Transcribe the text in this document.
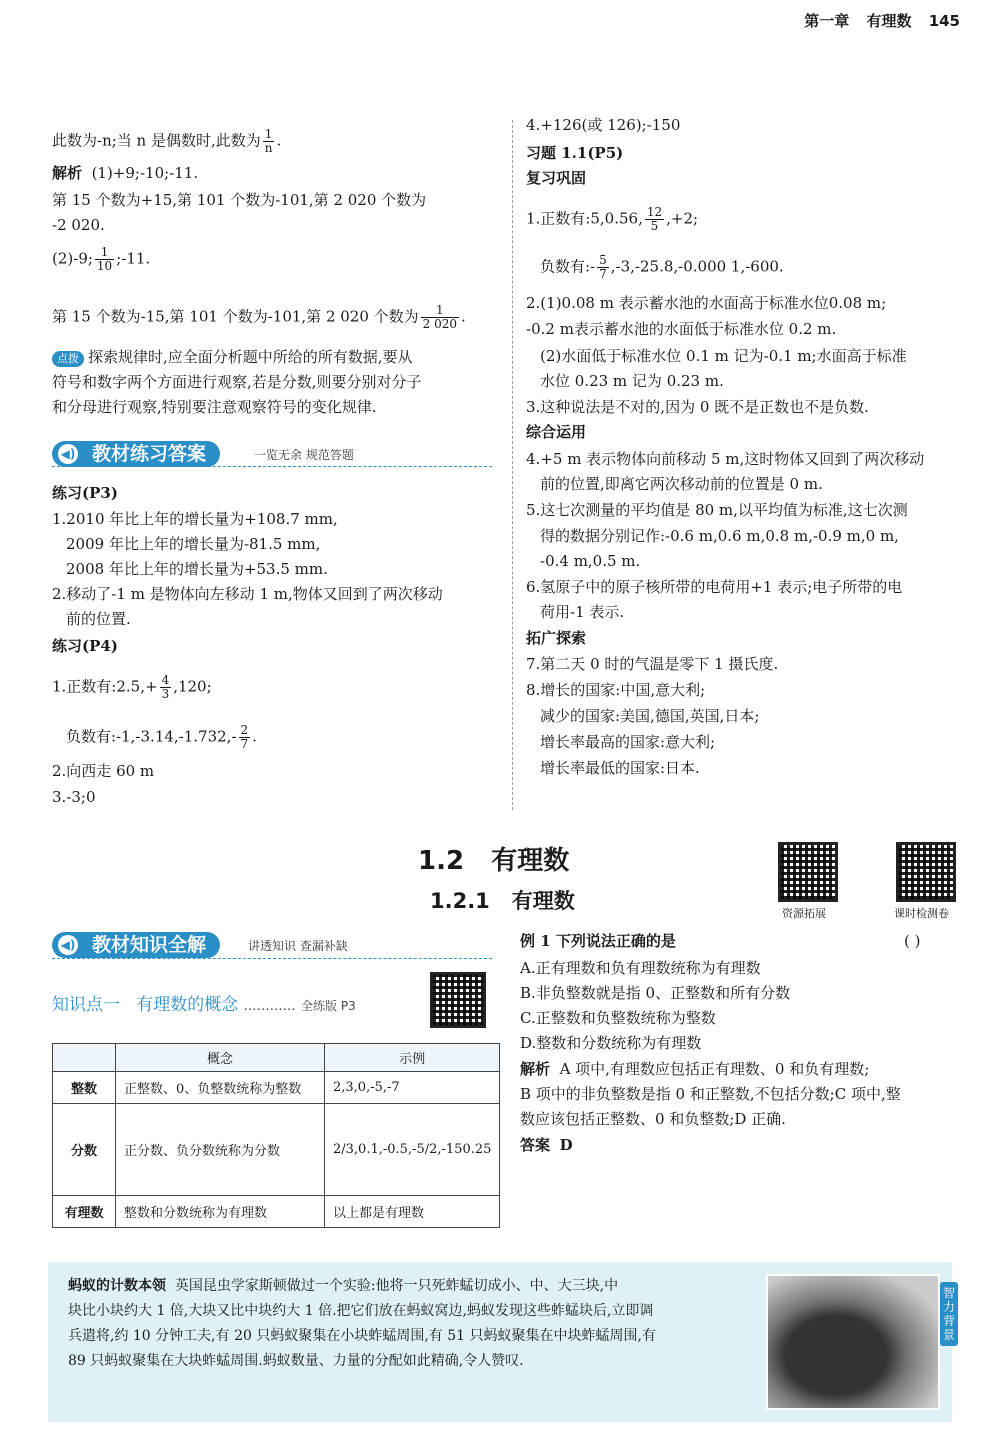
第一章 有理数 145
此数为-n;当 n 是偶数时,此数为 $\frac{1}{n}$ .
解析 (1)+9;-10;-11.
第 15 个数为+15,第 101 个数为-101,第 2 020 个数为
-2 020.
(2)-9; $\frac{1}{10}$ ;-11.
第 15 个数为-15,第 101 个数为-101,第 2 020 个数为 $\frac{1}{2 020}$ .
点拨 探索规律时,应全面分析题中所给的所有数据,要从
符号和数字两个方面进行观察,若是分数,则要分别对分子
和分母进行观察,特别要注意观察符号的变化规律.
◀) 教材练习答案	一览无余 规范答题
练习(P3)
1.2010 年比上年的增长量为+108.7 mm,
2009 年比上年的增长量为-81.5 mm,
2008 年比上年的增长量为+53.5 mm.
2.移动了-1 m 是物体向左移动 1 m,物体又回到了两次移动
前的位置.
练习(P4)
1.正数有:2.5,+ $\frac{4}{3} ,120$;
负数有:-1,-3.14,-1.732,- $\frac{2}{7}$ .
2.向西走 60 m
3.-3;0
4.+126(或 126);-150
习题 1.1(P5)
复习巩固
1.正数有:5,0.56, $\frac{12}{5} ,+2$;
负数有:- $\frac{5}{7} ,-3,-25.8,-0.000$ 1,-600.
2.(1)0.08 m 表示蓄水池的水面高于标准水位0.08 m;
-0.2 m表示蓄水池的水面低于标准水位 0.2 m.
(2)水面低于标准水位 0.1 m 记为-0.1 m;水面高于标准
水位 0.23 m 记为 0.23 m.
3.这种说法是不对的,因为 0 既不是正数也不是负数.
综合运用
4.+5 m 表示物体向前移动 5 m,这时物体又回到了两次移动
前的位置,即离它两次移动前的位置是 0 m.
5.这七次测量的平均值是 80 m,以平均值为标准,这七次测
得的数据分别记作:-0.6 m,0.6 m,0.8 m,-0.9 m,0 m,
-0.4 m,0.5 m.
6.氢原子中的原子核所带的电荷用+1 表示;电子所带的电
荷用-1 表示.
拓广探索
7.第二天 0 时的气温是零下 1 摄氏度.
8.增长的国家:中国,意大利;
减少的国家:美国,德国,英国,日本;
增长率最高的国家:意大利;
增长率最低的国家:日本.
1.2 有理数
1.2.1 有理数
资源拓展	课时检测卷
◀) 教材知识全解	讲透知识 查漏补缺
知识点一 有理数的概念 ………… 全练版 P3
	概念	示例
整数	正整数、0、负整数统称为整数	2,3,0,-5,-7
分数	正分数、负分数统称为分数	2/3,0.1,-0.5,-5/2,-150.25
有理数	整数和分数统称为有理数	以上都是有理数
例 1 下列说法正确的是	( )
A.正有理数和负有理数统称为有理数
B.非负整数就是指 0、正整数和所有分数
C.正整数和负整数统称为整数
D.整数和分数统称为有理数
解析 A 项中,有理数应包括正有理数、0 和负有理数;
B 项中的非负整数是指 0 和正整数,不包括分数;C 项中,整
数应该包括正整数、0 和负整数;D 正确.
答案 D
蚂蚁的计数本领 英国昆虫学家斯顿做过一个实验:他将一只死蚱蜢切成小、中、大三块,中
块比小块约大 1 倍,大块又比中块约大 1 倍.把它们放在蚂蚁窝边,蚂蚁发现这些蚱蜢块后,立即调
兵遣将,约 10 分钟工夫,有 20 只蚂蚁聚集在小块蚱蜢周围,有 51 只蚂蚁聚集在中块蚱蜢周围,有
89 只蚂蚁聚集在大块蚱蜢周围.蚂蚁数量、力量的分配如此精确,令人赞叹.
智力背景
